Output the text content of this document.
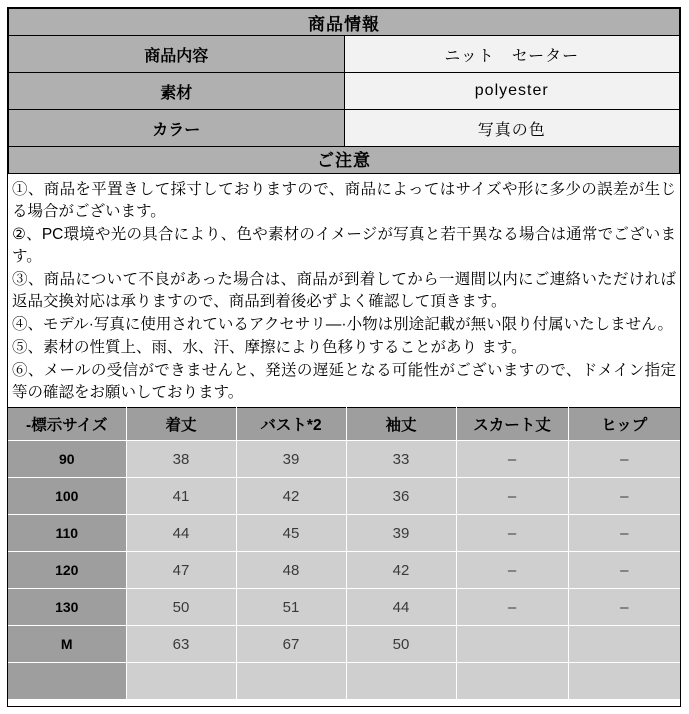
商品情報	
商品内容	ニット　セーター
素材	polyester
カラー	写真の色
ご注意

①、商品を平置きして採寸しておりますので、商品によってはサイズや形に多少の誤差が生じる場合がございます。

②、PC環境や光の具合により、色や素材のイメージが写真と若干異なる場合は通常でございます。

③、商品について不良があった場合は、商品が到着してから一週間以内にご連絡いただければ返品交換対応は承りますので、商品到着後必ずよく確認して頂きます。

④、モデル·写真に使用されているアクセサリ―·小物は別途記載が無い限り付属いたしません。

⑤、素材の性質上、雨、水、汗、摩擦により色移りすることがあり ます。

⑥、メールの受信ができませんと、発送の遅延となる可能性がございますので、ドメイン指定等の確認をお願いしております。

-標示サイズ	着丈	バスト*2	袖丈	スカート丈	ヒップ
90	38	39	33	–	–
100	41	42	36	–	–
110	44	45	39	–	–
120	47	48	42	–	–
130	50	51	44	–	–
M	63	67	50		
